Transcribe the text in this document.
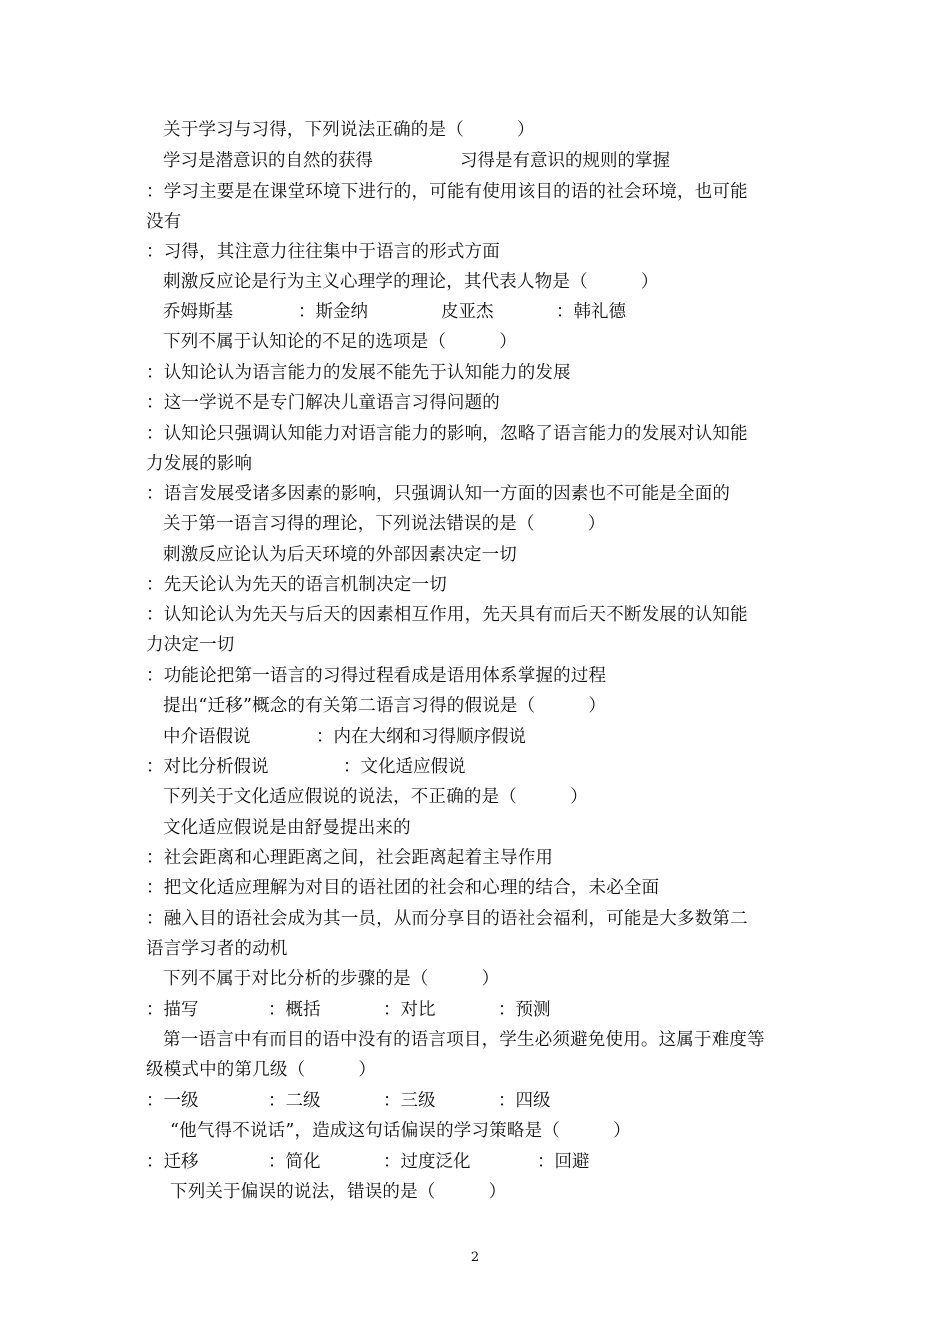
关于学习与习得，下列说法正确的是（　　　）
学习是潜意识的自然的获得	习得是有意识的规则的掌握
：学习主要是在课堂环境下进行的，可能有使用该目的语的社会环境，也可能
没有
：习得，其注意力往往集中于语言的形式方面
刺激反应论是行为主义心理学的理论，其代表人物是（　　　）
乔姆斯基	：斯金纳	皮亚杰	：韩礼德
下列不属于认知论的不足的选项是（　　　）
：认知论认为语言能力的发展不能先于认知能力的发展
：这一学说不是专门解决儿童语言习得问题的
：认知论只强调认知能力对语言能力的影响，忽略了语言能力的发展对认知能
力发展的影响
：语言发展受诸多因素的影响，只强调认知一方面的因素也不可能是全面的
关于第一语言习得的理论，下列说法错误的是（　　　）
刺激反应论认为后天环境的外部因素决定一切
：先天论认为先天的语言机制决定一切
：认知论认为先天与后天的因素相互作用，先天具有而后天不断发展的认知能
力决定一切
：功能论把第一语言的习得过程看成是语用体系掌握的过程
提出“迁移”概念的有关第二语言习得的假说是（　　　）
中介语假说	：内在大纲和习得顺序假说
：对比分析假说	：文化适应假说
下列关于文化适应假说的说法，不正确的是（　　　）
文化适应假说是由舒曼提出来的
：社会距离和心理距离之间，社会距离起着主导作用
：把文化适应理解为对目的语社团的社会和心理的结合，未必全面
：融入目的语社会成为其一员，从而分享目的语社会福利，可能是大多数第二
语言学习者的动机
下列不属于对比分析的步骤的是（　　　）
：描写	：概括	：对比	：预测
第一语言中有而目的语中没有的语言项目，学生必须避免使用。这属于难度等
级模式中的第几级（　　　）
：一级	：二级	：三级	：四级
“他气得不说话”，造成这句话偏误的学习策略是（　　　）
：迁移	：简化	：过度泛化	：回避
下列关于偏误的说法，错误的是（　　　）
2
